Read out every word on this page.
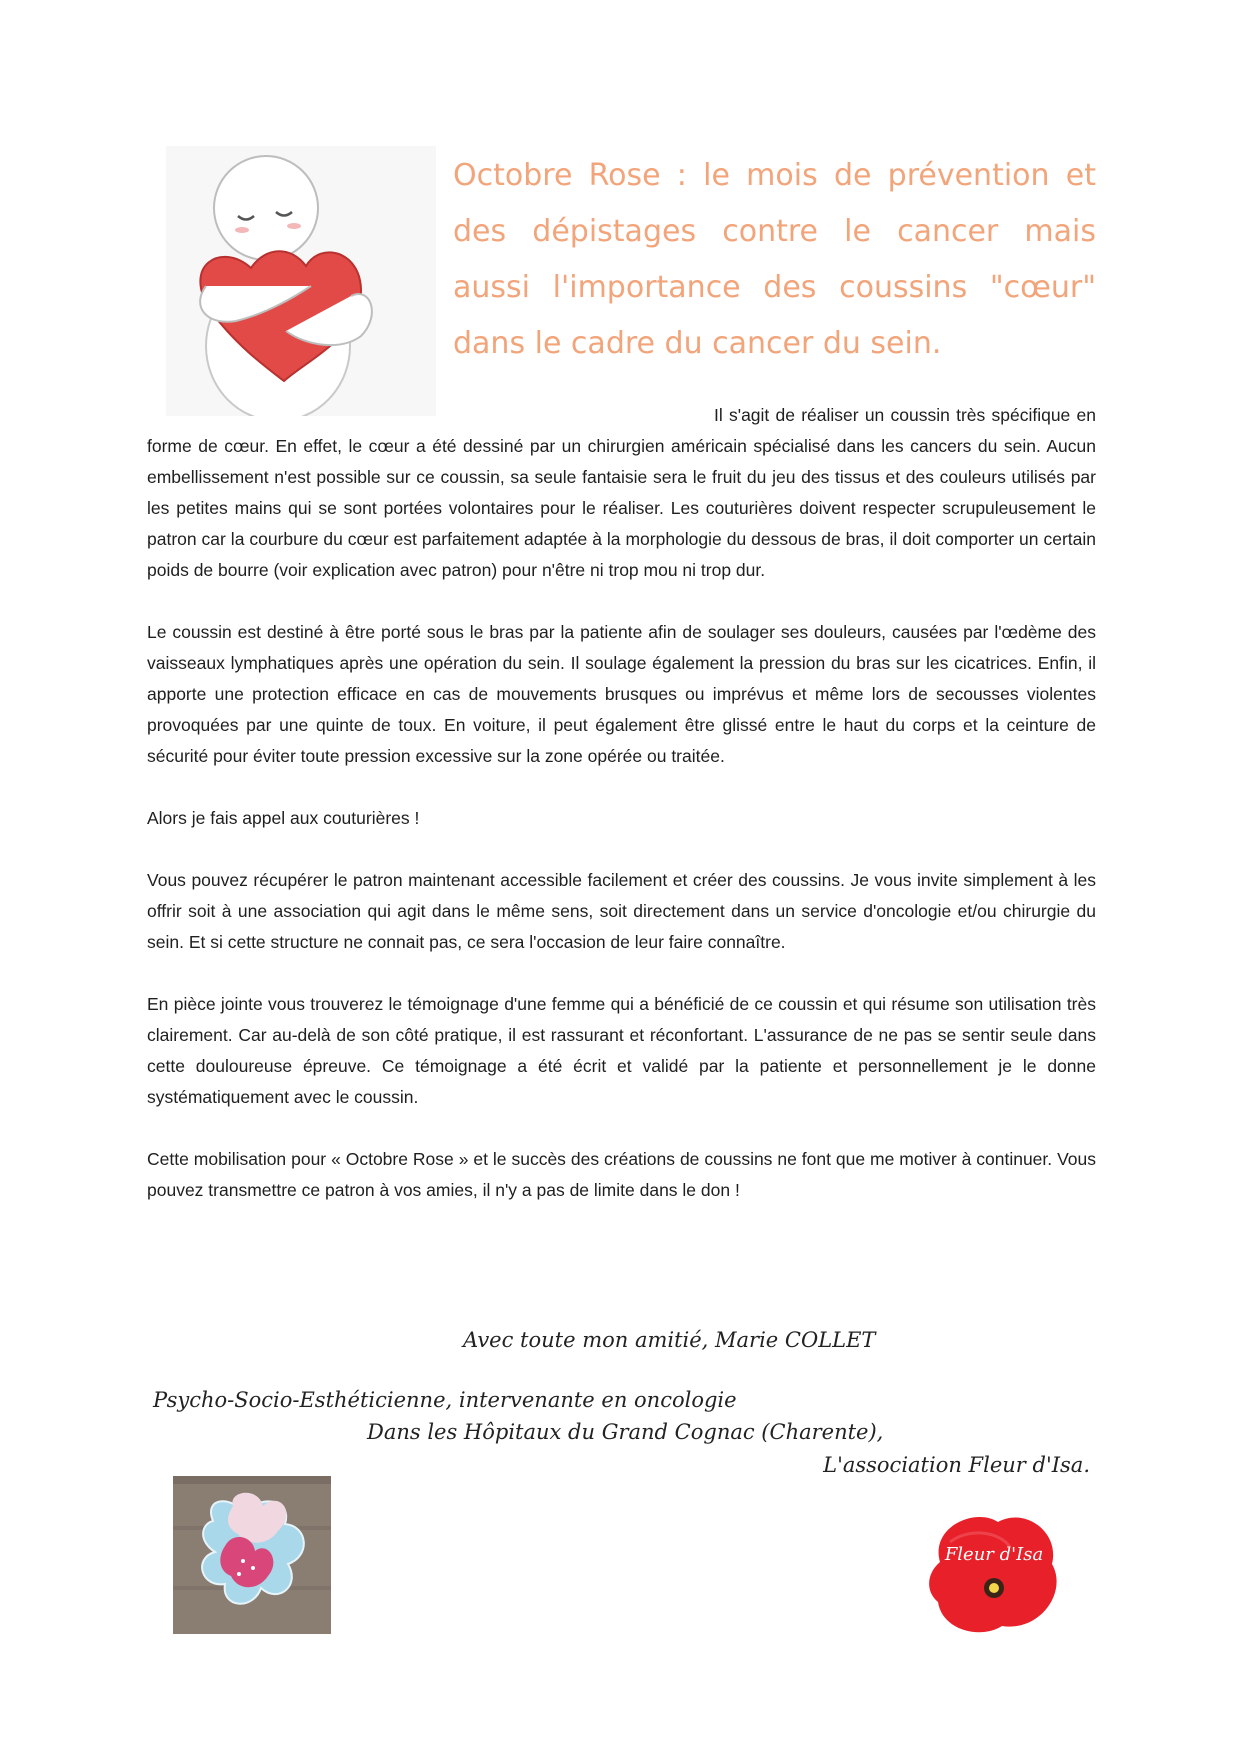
Octobre Rose : le mois de prévention et des dépistages contre le cancer mais aussi l'importance des coussins "cœur" dans le cadre du cancer du sein.

Il s'agit de réaliser un coussin très spécifique en forme de cœur. En effet, le cœur a été dessiné par un chirurgien américain spécialisé dans les cancers du sein. Aucun embellissement n'est possible sur ce coussin, sa seule fantaisie sera le fruit du jeu des tissus et des couleurs utilisés par les petites mains qui se sont portées volontaires pour le réaliser. Les couturières doivent respecter scrupuleusement le patron car la courbure du cœur est parfaitement adaptée à la morphologie du dessous de bras, il doit comporter un certain poids de bourre (voir explication avec patron) pour n'être ni trop mou ni trop dur.

Le coussin est destiné à être porté sous le bras par la patiente afin de soulager ses douleurs, causées par l'œdème des vaisseaux lymphatiques après une opération du sein. Il soulage également la pression du bras sur les cicatrices. Enfin, il apporte une protection efficace en cas de mouvements brusques ou imprévus et même lors de secousses violentes provoquées par une quinte de toux. En voiture, il peut également être glissé entre le haut du corps et la ceinture de sécurité pour éviter toute pression excessive sur la zone opérée ou traitée.

Alors je fais appel aux couturières !

Vous pouvez récupérer le patron maintenant accessible facilement et créer des coussins. Je vous invite simplement à les offrir soit à une association qui agit dans le même sens, soit directement dans un service d'oncologie et/ou chirurgie du sein. Et si cette structure ne connait pas, ce sera l'occasion de leur faire connaître.

En pièce jointe vous trouverez le témoignage d'une femme qui a bénéficié de ce coussin et qui résume son utilisation très clairement. Car au-delà de son côté pratique, il est rassurant et réconfortant. L'assurance de ne pas se sentir seule dans cette douloureuse épreuve. Ce témoignage a été écrit et validé par la patiente et personnellement je le donne systématiquement avec le coussin.

Cette mobilisation pour « Octobre Rose » et le succès des créations de coussins ne font que me motiver à continuer. Vous pouvez transmettre ce patron à vos amies, il n'y a pas de limite dans le don !

Avec toute mon amitié, Marie COLLET
Psycho-Socio-Esthéticienne, intervenante en oncologie
Dans les Hôpitaux du Grand Cognac (Charente),
L'association Fleur d'Isa.
Fleur d'Isa
